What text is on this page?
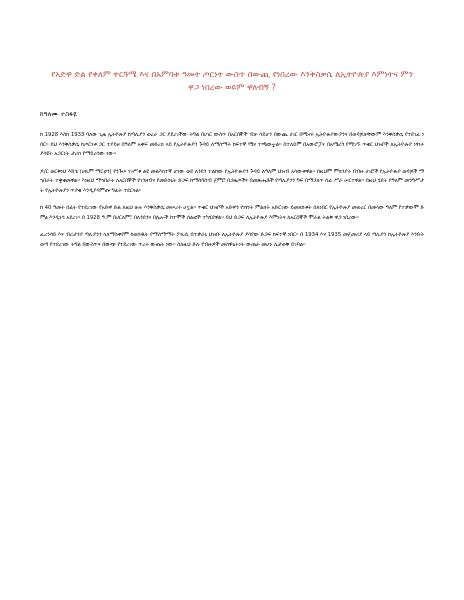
የአድዋ ድል የቀለም ትርጓሜ እና በአምባቱ ዓመት ጦርነት ውስጥ በውጪ የነበረው እንቅስቃሴ ለኢትዮጵያ እምነትና ምን ዋጋ ነበረው ወይም ዋለብኝ ?

ከዓለሙ ተስፋዬ

ከ 1928 እስከ 1933 ባለው ጊዜ ኢትዮጵያ ከጣሊያን ወረራ ጋር ያደረገችው ትግል በሀገር ውስጥ በአርበኞች ብቻ ሳይሆን በውጪ ሀገር በሚኖሩ ኢትዮጵያውያንና በወዳጆቻቸውም እንቅስቃሴ የተደገፈ ነበር። ይህ እንቅስቃሴ ከጦርነቱ ጋር ተያይዞ በዓለም አቀፍ መድረክ ላይ የኢትዮጵያን ጉዳይ ለማሰማት ከፍተኛ ሚና ተጫውቷል። በተለይም በአውሮፓና በአሜሪካ የሚገኙ ጥቁር ህዝቦች ለኢትዮጵያ ነፃነት ያሳዩት አጋርነት ታሪክ የማይረሳው ነው።

ዶ/ር ወርቅነህ እሸቴ (ሀኪም ማርቲን) የንጉሠ ነገሥቱ ልዩ መልእክተኛ ሆነው ወደ ለንደን ተልከው የኢትዮጵያን ጉዳይ ለዓለም ህዝብ አሳውቀዋል። በዚህም ምክንያት በብዙ ሀገሮች የኢትዮጵያ ወዳጆች ማኅበራት ተቋቁመዋል። እነዚህ ማኅበራት ለአርበኞች የገንዘብና የመድኃኒት ድጋፍ ከማሰባሰብ ጀምሮ በጋዜጦችና በመጽሔቶች የጣሊያንን ግፍ በማጋለጥ ሰፊ ሥራ ሠርተዋል። በዚህ ሂደት የዓለም መንግሥታት የኢትዮጵያን ጥያቄ እንዲያዳምጡ ግፊት ተደርጓል።

ከ 40 ዓመት በፊት የተደረገው የአድዋ ድል ለዚህ ሁሉ እንቅስቃሴ መሠረት ሆኗል። ጥቁር ህዝቦች አድዋን የነፃነት ምልክት አድርገው ይመለከቱት ስለነበር የኢትዮጵያ መወረር በመላው ዓለም የተቃውሞ ድምፅ እንዲነሳ አደረገ። በ 1928 ዓ.ም በሀርለም፣ በለንደንና በሌሎች ከተሞች ሰልፎች ተካሂደዋል። ይህ ድጋፍ ለኢትዮጵያ እምነትና ለአርበኞች ሞራል ትልቅ ዋጋ ነበረው።

ፈረንሳይ እና ብሪታንያ ጣሊያንን ላለማስቀየም ከወሰዱት የማስማማት ፖሊሲ በተቃራኒ ህዝቡ ለኢትዮጵያ ያሳየው ድጋፍ ከፍተኛ ነበር። በ 1934 እና 1935 መጀመሪያ ላይ ጣሊያን ከኢትዮጵያ እንድትወጣ የተደረገው ትግል በውስጥና በውጭ የተደረገው ጥረት ውጤት ነው። ስለዚህ ድሉ የብዙዎች መስዋዕትነት ውጤት መሆኑ ሊታወቅ ይገባል።
